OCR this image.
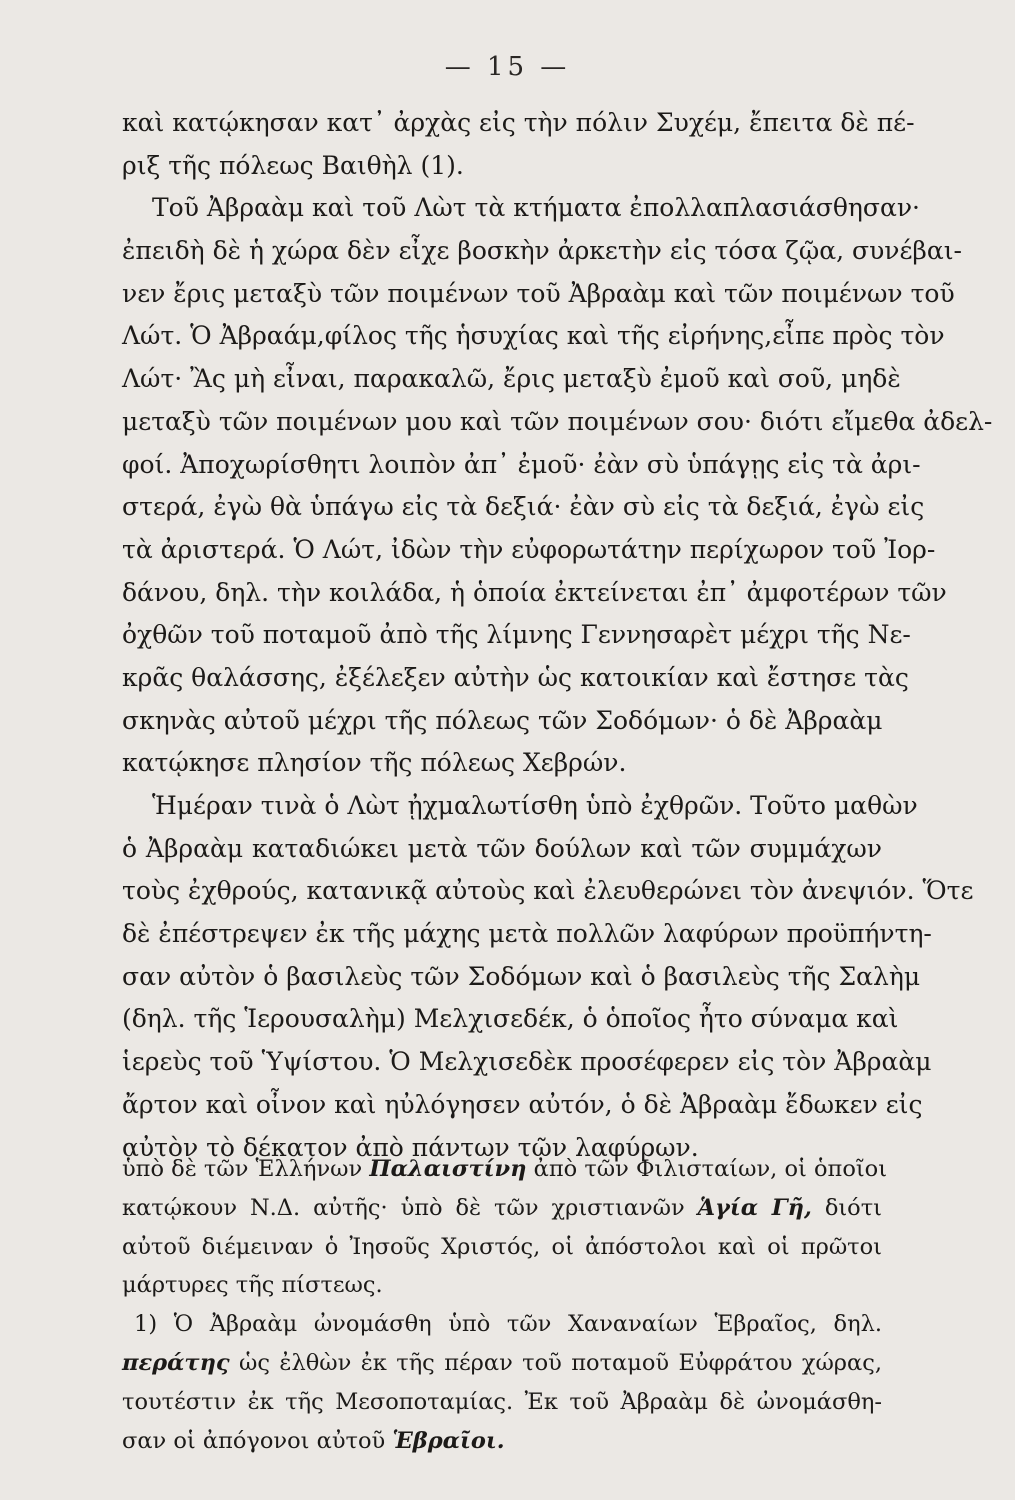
— 15 —
καὶ κατῴκησαν κατ᾽ ἀρχὰς εἰς τὴν πόλιν Συχέμ, ἔπειτα δὲ πέ-
ριξ τῆς πόλεως Βαιθὴλ (1).
Τοῦ Ἀβραὰμ καὶ τοῦ Λὼτ τὰ κτήματα ἐπολλαπλασιάσθησαν·
ἐπειδὴ δὲ ἡ χώρα δὲν εἶχε βοσκὴν ἀρκετὴν εἰς τόσα ζῷα, συνέβαι-
νεν ἔρις μεταξὺ τῶν ποιμένων τοῦ Ἀβραὰμ καὶ τῶν ποιμένων τοῦ
Λώτ. Ὁ Ἀβραάμ,φίλος τῆς ἡσυχίας καὶ τῆς εἰρήνης,εἶπε πρὸς τὸν
Λώτ· Ἂς μὴ εἶναι, παρακαλῶ, ἔρις μεταξὺ ἐμοῦ καὶ σοῦ, μηδὲ
μεταξὺ τῶν ποιμένων μου καὶ τῶν ποιμένων σου· διότι εἴμεθα ἀδελ-
φοί. Ἀποχωρίσθητι λοιπὸν ἀπ᾽ ἐμοῦ· ἐὰν σὺ ὑπάγῃς εἰς τὰ ἀρι-
στερά, ἐγὼ θὰ ὑπάγω εἰς τὰ δεξιά· ἐὰν σὺ εἰς τὰ δεξιά, ἐγὼ εἰς
τὰ ἀριστερά. Ὁ Λώτ, ἰδὼν τὴν εὐφορωτάτην περίχωρον τοῦ Ἰορ-
δάνου, δηλ. τὴν κοιλάδα, ἡ ὁποία ἐκτείνεται ἐπ᾽ ἀμφοτέρων τῶν
ὀχθῶν τοῦ ποταμοῦ ἀπὸ τῆς λίμνης Γεννησαρὲτ μέχρι τῆς Νε-
κρᾶς θαλάσσης, ἐξέλεξεν αὐτὴν ὡς κατοικίαν καὶ ἔστησε τὰς
σκηνὰς αὐτοῦ μέχρι τῆς πόλεως τῶν Σοδόμων· ὁ δὲ Ἀβραὰμ
κατῴκησε πλησίον τῆς πόλεως Χεβρών.
Ἡμέραν τινὰ ὁ Λὼτ ᾐχμαλωτίσθη ὑπὸ ἐχθρῶν. Τοῦτο μαθὼν
ὁ Ἀβραὰμ καταδιώκει μετὰ τῶν δούλων καὶ τῶν συμμάχων
τοὺς ἐχθρούς, κατανικᾷ αὐτοὺς καὶ ἐλευθερώνει τὸν ἀνεψιόν. Ὅτε
δὲ ἐπέστρεψεν ἐκ τῆς μάχης μετὰ πολλῶν λαφύρων προϋπήντη-
σαν αὐτὸν ὁ βασιλεὺς τῶν Σοδόμων καὶ ὁ βασιλεὺς τῆς Σαλὴμ
(δηλ. τῆς Ἱερουσαλὴμ) Μελχισεδέκ, ὁ ὁποῖος ἦτο σύναμα καὶ
ἱερεὺς τοῦ Ὑψίστου. Ὁ Μελχισεδὲκ προσέφερεν εἰς τὸν Ἀβραὰμ
ἄρτον καὶ οἶνον καὶ ηὐλόγησεν αὐτόν, ὁ δὲ Ἀβραὰμ ἔδωκεν εἰς
αὐτὸν τὸ δέκατον ἀπὸ πάντων τῶν λαφύρων.
ὑπὸ δὲ τῶν Ἑλλήνων Παλαιστίνη ἀπὸ τῶν Φιλισταίων, οἱ ὁποῖοι
κατῴκουν Ν.Δ. αὐτῆς· ὑπὸ δὲ τῶν χριστιανῶν Ἁγία Γῆ, διότι
αὐτοῦ διέμειναν ὁ Ἰησοῦς Χριστός, οἱ ἀπόστολοι καὶ οἱ πρῶτοι
μάρτυρες τῆς πίστεως.
1) Ὁ Ἀβραὰμ ὠνομάσθη ὑπὸ τῶν Χαναναίων Ἑβραῖος, δηλ.
περάτης ὡς ἐλθὼν ἐκ τῆς πέραν τοῦ ποταμοῦ Εὐφράτου χώρας,
τουτέστιν ἐκ τῆς Μεσοποταμίας. Ἐκ τοῦ Ἀβραὰμ δὲ ὠνομάσθη-
σαν οἱ ἀπόγονοι αὐτοῦ Ἑβραῖοι.
